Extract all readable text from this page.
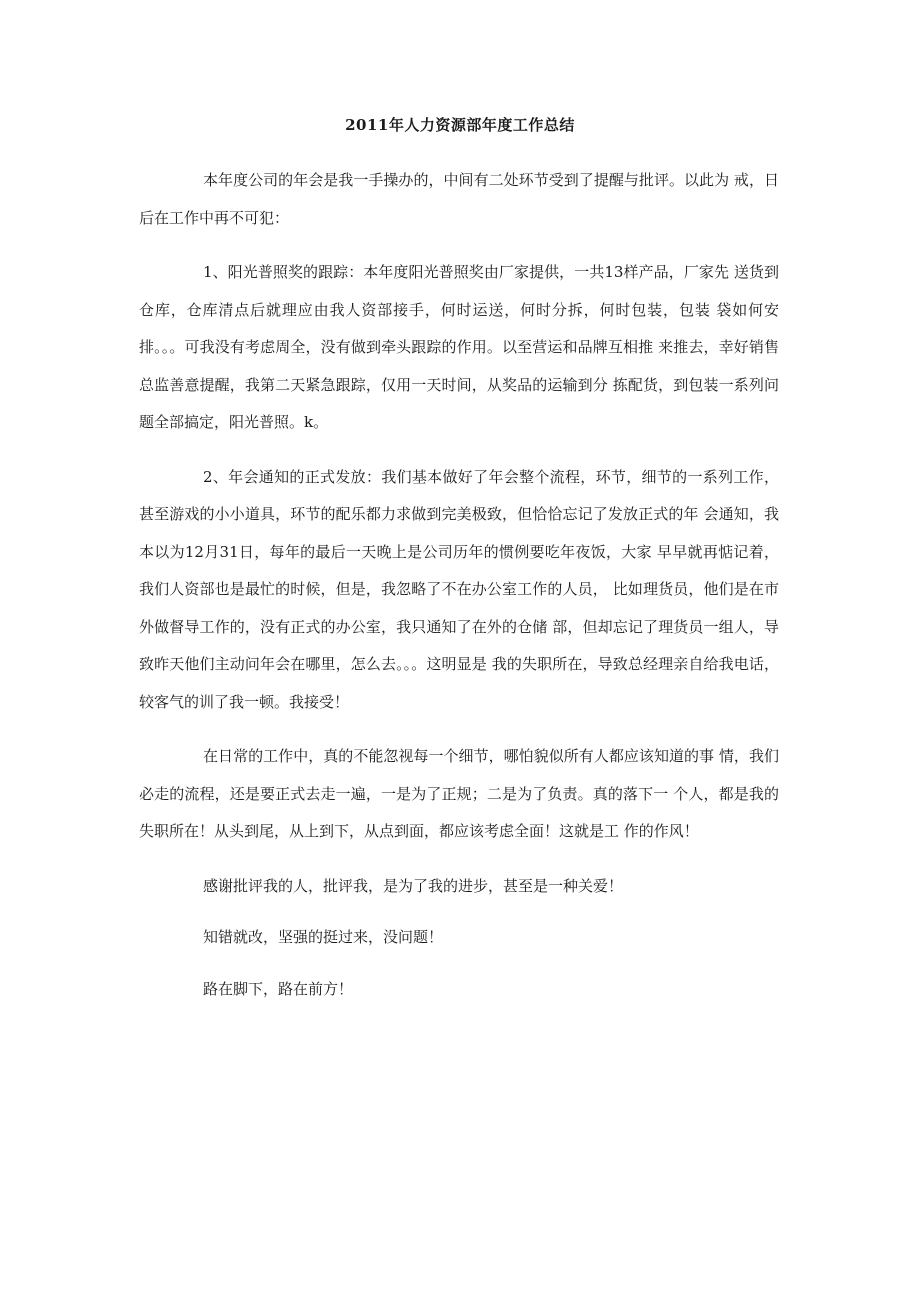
2011年人力资源部年度工作总结

本年度公司的年会是我一手操办的，中间有二处环节受到了提醒与批评。以此为 戒，日后在工作中再不可犯：

1、阳光普照奖的跟踪：本年度阳光普照奖由厂家提供，一共13样产品，厂家先 送货到仓库，仓库清点后就理应由我人资部接手，何时运送，何时分拆，何时包装，包装 袋如何安排。。。可我没有考虑周全，没有做到牵头跟踪的作用。以至营运和品牌互相推 来推去，幸好销售总监善意提醒，我第二天紧急跟踪，仅用一天时间，从奖品的运输到分 拣配货，到包装一系列问题全部搞定，阳光普照。k。

2、年会通知的正式发放：我们基本做好了年会整个流程，环节，细节的一系列工作，甚至游戏的小小道具，环节的配乐都力求做到完美极致，但恰恰忘记了发放正式的年 会通知，我本以为12月31日，每年的最后一天晚上是公司历年的惯例要吃年夜饭，大家 早早就再惦记着，我们人资部也是最忙的时候，但是，我忽略了不在办公室工作的人员， 比如理货员，他们是在市外做督导工作的，没有正式的办公室，我只通知了在外的仓储 部，但却忘记了理货员一组人，导致昨天他们主动问年会在哪里，怎么去。。。这明显是 我的失职所在，导致总经理亲自给我电话，较客气的训了我一顿。我接受！

在日常的工作中，真的不能忽视每一个细节，哪怕貌似所有人都应该知道的事 情，我们必走的流程，还是要正式去走一遍，一是为了正规；二是为了负责。真的落下一 个人，都是我的失职所在！从头到尾，从上到下，从点到面，都应该考虑全面！这就是工 作的作风！

感谢批评我的人，批评我，是为了我的进步，甚至是一种关爱！

知错就改，坚强的挺过来，没问题！

路在脚下，路在前方！
